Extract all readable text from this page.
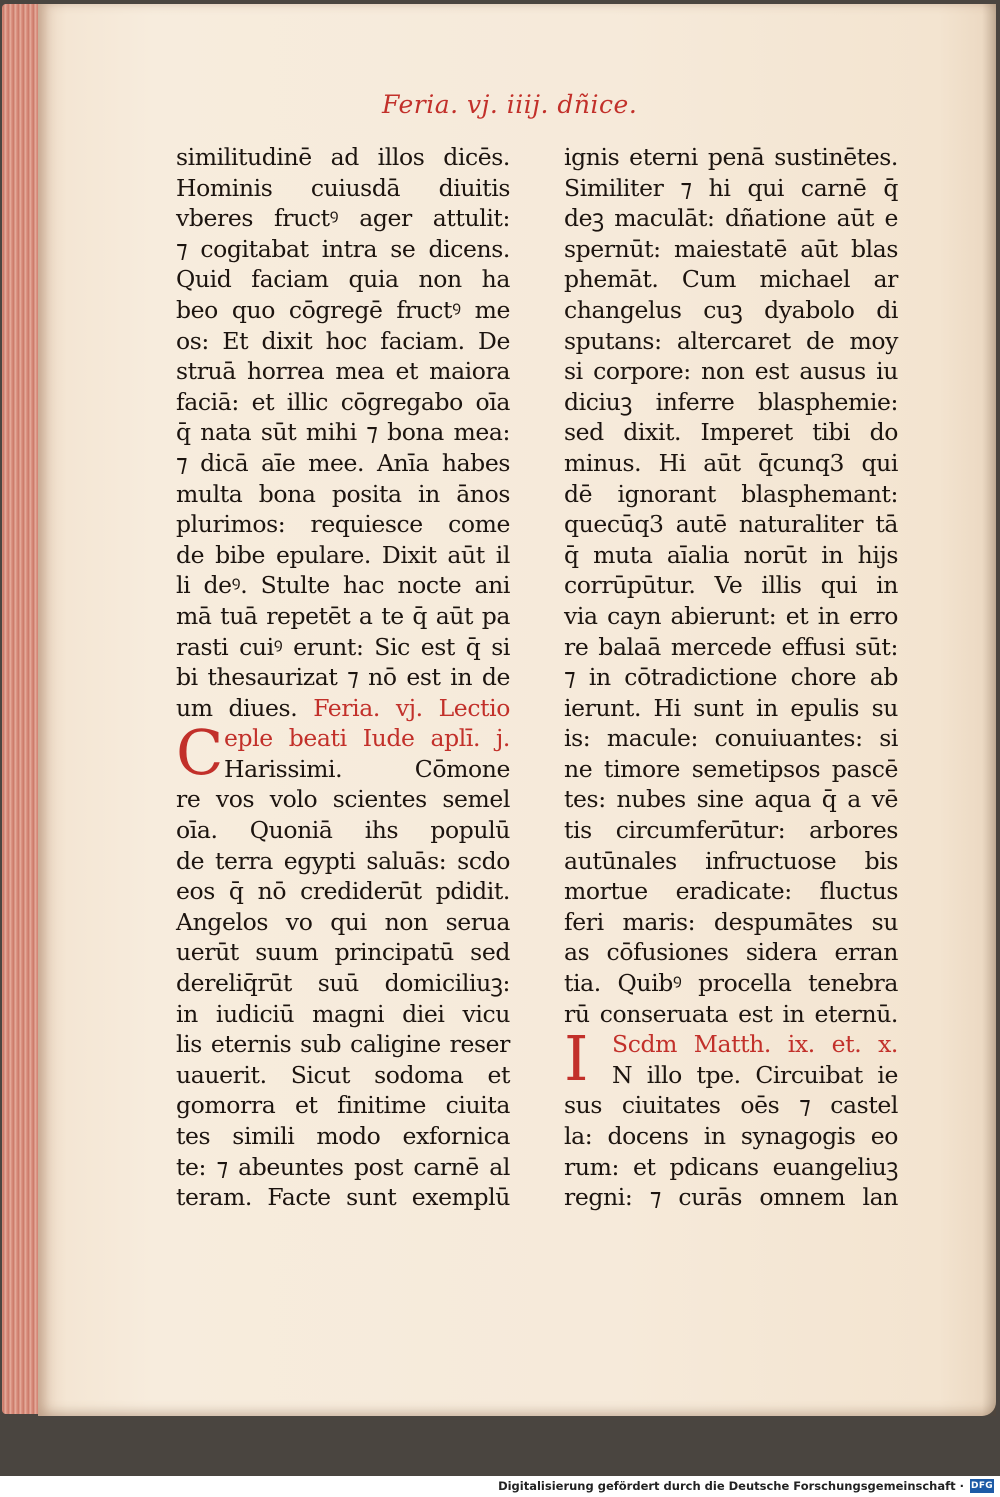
Feria. vj. iiij. dñice.
similitudinē ad illos dicēs.
Hominis cuiusdā diuitis
vberes fructꝰ ager attulit:
⁊ cogitabat intra se dicens.
Quid faciam quia non ha
beo quo cōgregē fructꝰ me
os: Et dixit hoc faciam. De
struā horrea mea et maiora
faciā: et illic cōgregabo oīa
q̄ nata sūt mihi ⁊ bona mea:
⁊ dicā aīe mee. Anīa habes
multa bona posita in ānos
plurimos: requiesce come
de bibe epulare. Dixit aūt il
li deꝰ. Stulte hac nocte ani
mā tuā repetēt a te q̄ aūt pa
rasti cuiꝰ erunt: Sic est q̄ si
bi thesaurizat ⁊ nō est in de
um diues. Feria. vj. Lectio
C eple beati Iude aplī. j.
Harissimi. Cōmone
re vos volo scientes semel
oīa. Quoniā ihs populū
de terra egypti saluās: scdo
eos q̄ nō crediderūt pdidit.
Angelos vo qui non serua
uerūt suum principatū sed
dereliq̄rūt suū domiciliuꝫ:
in iudiciū magni diei vicu
lis eternis sub caligine reser
uauerit. Sicut sodoma et
gomorra et finitime ciuita
tes simili modo exfornica
te: ⁊ abeuntes post carnē al
teram. Facte sunt exemplū
ignis eterni penā sustinētes.
Similiter ⁊ hi qui carnē q̄
deꝫ maculāt: dñatione aūt e
spernūt: maiestatē aūt blas
phemāt. Cum michael ar
changelus cuꝫ dyabolo di
sputans: altercaret de moy
si corpore: non est ausus iu
diciuꝫ inferre blasphemie:
sed dixit. Imperet tibi do
minus. Hi aūt q̄cunq3 qui
dē ignorant blasphemant:
quecūq3 autē naturaliter tā
q̄ muta aīalia norūt in hijs
corrūpūtur. Ve illis qui in
via cayn abierunt: et in erro
re balaā mercede effusi sūt:
⁊ in cōtradictione chore ab
ierunt. Hi sunt in epulis su
is: macule: conuiuantes: si
ne timore semetipsos pascē
tes: nubes sine aqua q̄ a vē
tis circumferūtur: arbores
autūnales infructuose bis
mortue eradicate: fluctus
feri maris: despumātes su
as cōfusiones sidera erran
tia. Quibꝰ procella tenebra
rū conseruata est in eternū.
I	Scdm Matth. ix. et. x.
N illo tpe. Circuibat ie
sus ciuitates oēs ⁊ castel
la: docens in synagogis eo
rum: et pdicans euangeliuꝫ
regni: ⁊ curās omnem lan
Digitalisierung gefördert durch die Deutsche Forschungsgemeinschaft · DFG
